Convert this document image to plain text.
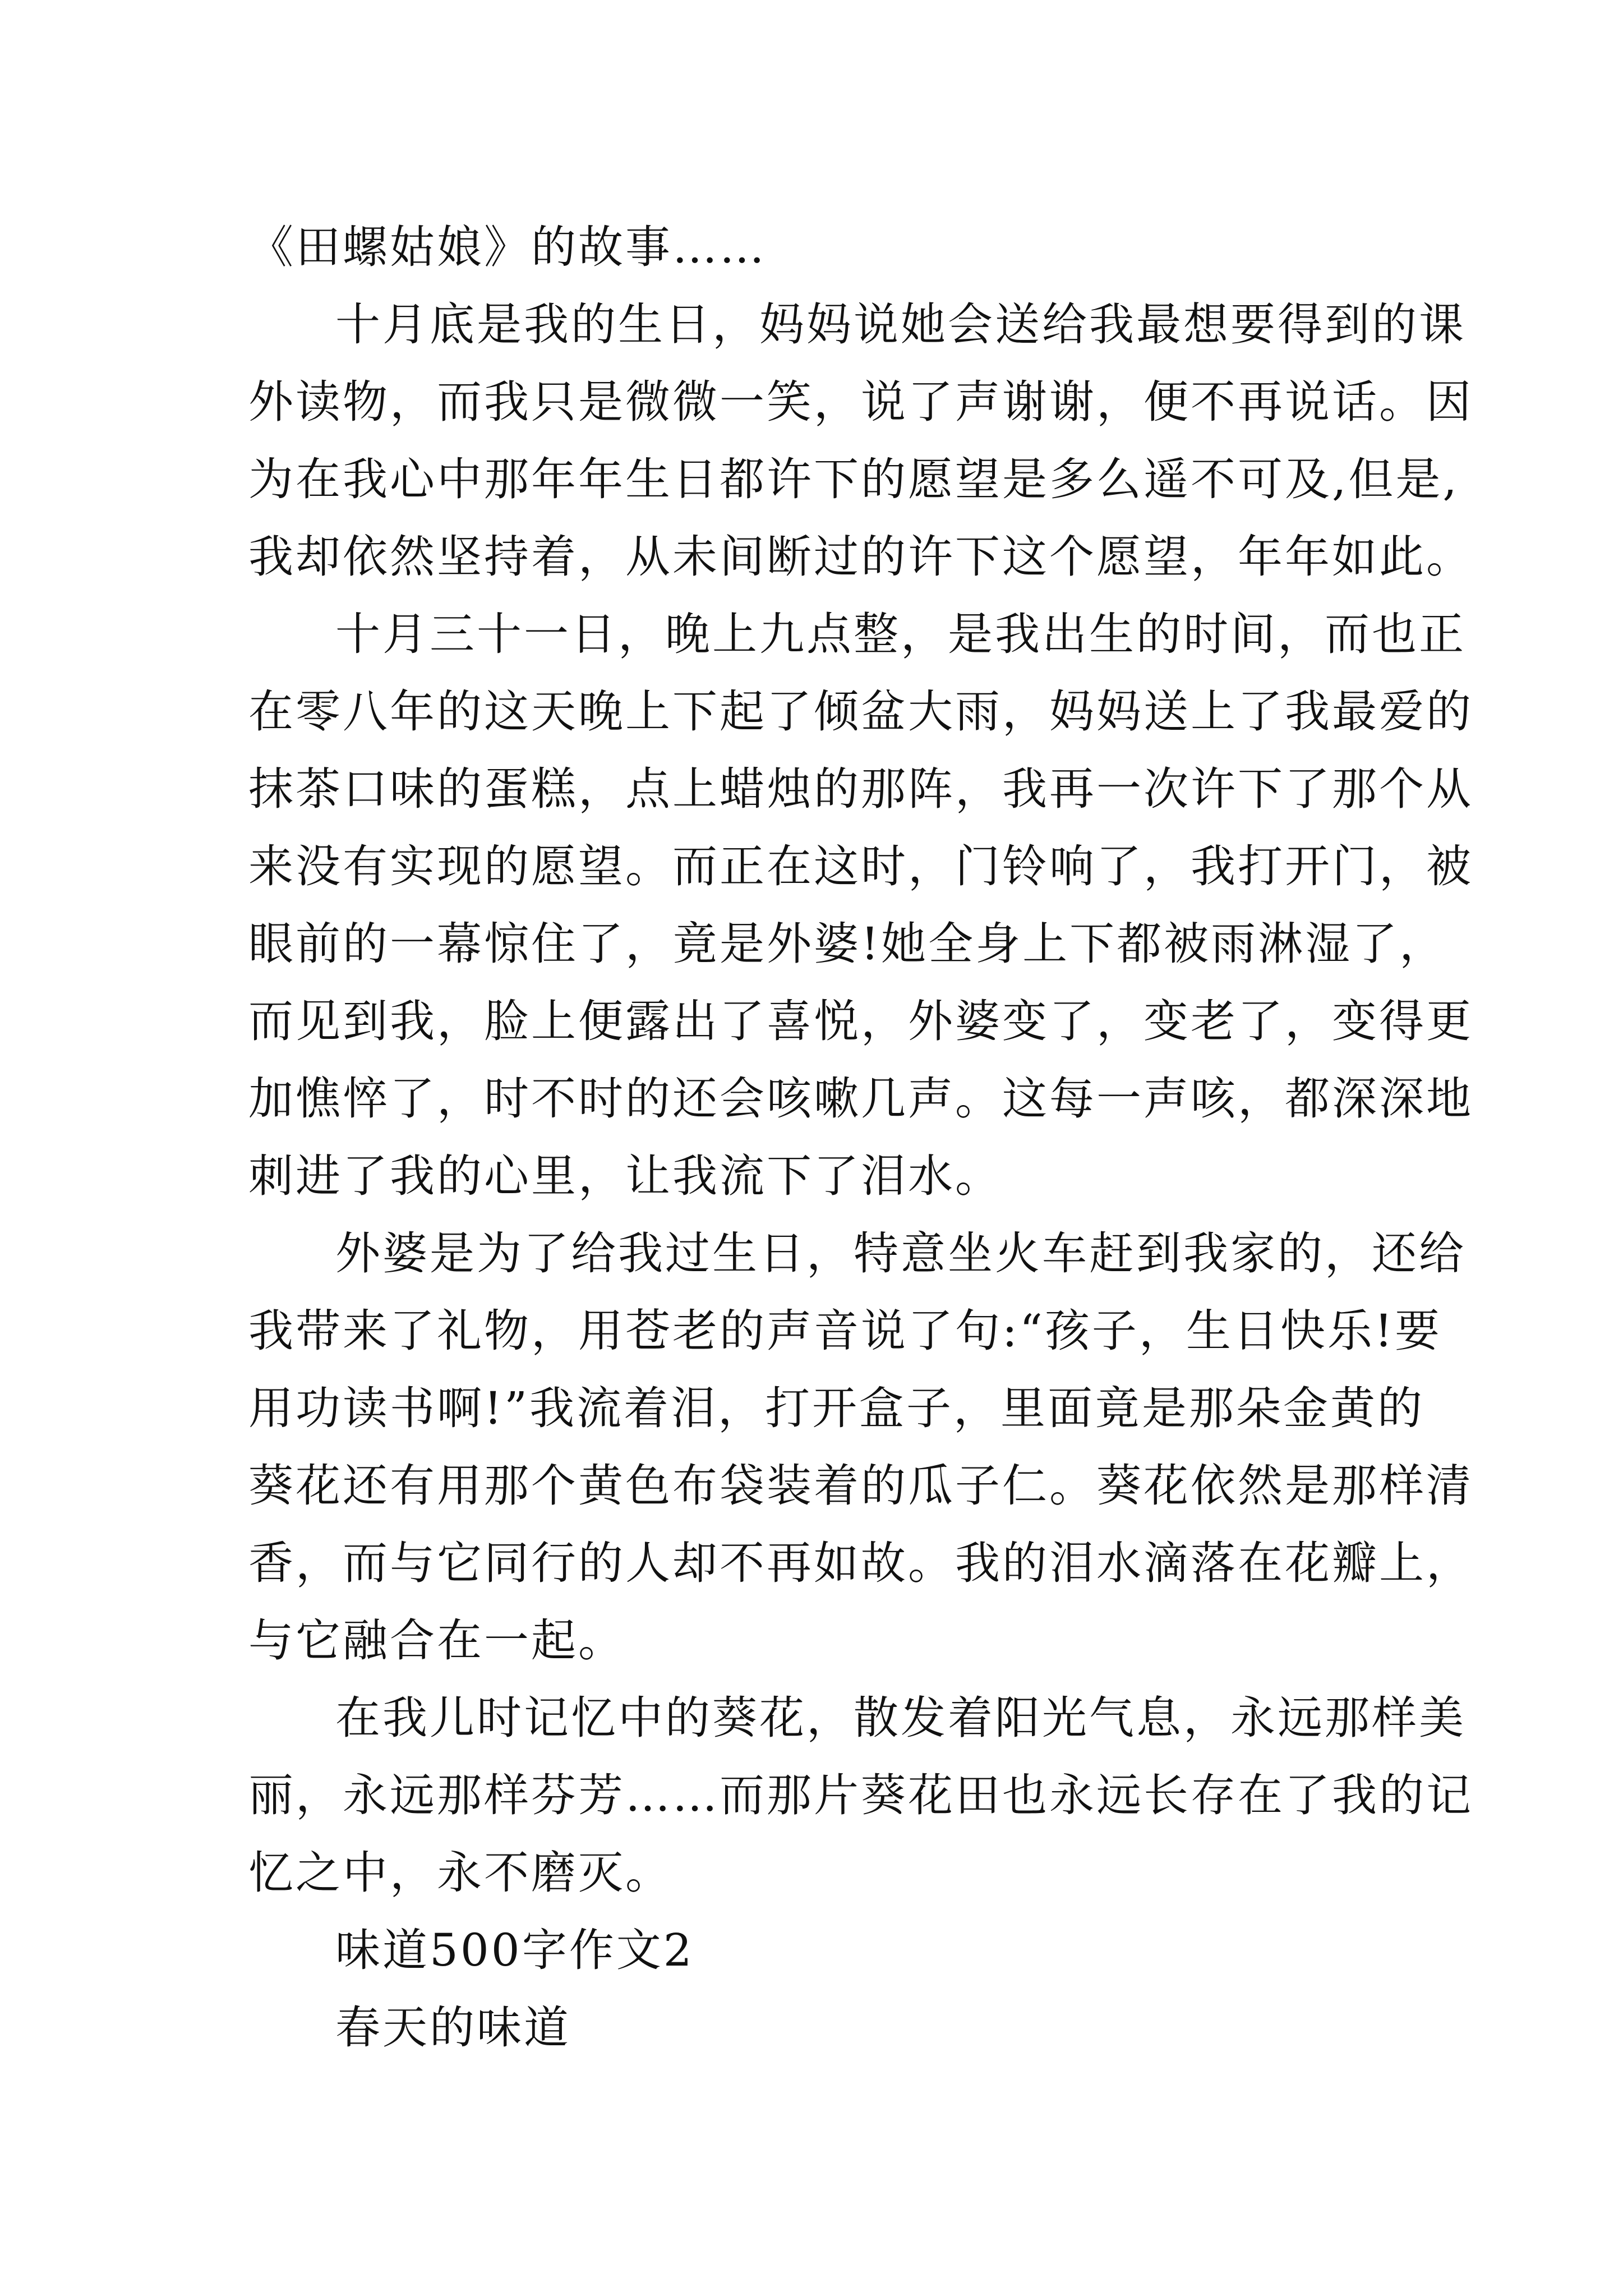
《田螺姑娘》的故事……
十月底是我的生日，妈妈说她会送给我最想要得到的课
外读物，而我只是微微一笑，说了声谢谢，便不再说话。因
为在我心中那年年生日都许下的愿望是多么遥不可及,但是,
我却依然坚持着，从未间断过的许下这个愿望，年年如此。
十月三十一日，晚上九点整，是我出生的时间，而也正
在零八年的这天晚上下起了倾盆大雨，妈妈送上了我最爱的
抹茶口味的蛋糕，点上蜡烛的那阵，我再一次许下了那个从
来没有实现的愿望。而正在这时，门铃响了，我打开门，被
眼前的一幕惊住了，竟是外婆!她全身上下都被雨淋湿了，
而见到我，脸上便露出了喜悦，外婆变了，变老了，变得更
加憔悴了，时不时的还会咳嗽几声。这每一声咳，都深深地
刺进了我的心里，让我流下了泪水。
外婆是为了给我过生日，特意坐火车赶到我家的，还给
我带来了礼物，用苍老的声音说了句:“孩子，生日快乐!要
用功读书啊!”我流着泪，打开盒子，里面竟是那朵金黄的
葵花还有用那个黄色布袋装着的瓜子仁。葵花依然是那样清
香，而与它同行的人却不再如故。我的泪水滴落在花瓣上，
与它融合在一起。
在我儿时记忆中的葵花，散发着阳光气息，永远那样美
丽，永远那样芬芳……而那片葵花田也永远长存在了我的记
忆之中，永不磨灭。
味道500字作文2
春天的味道
